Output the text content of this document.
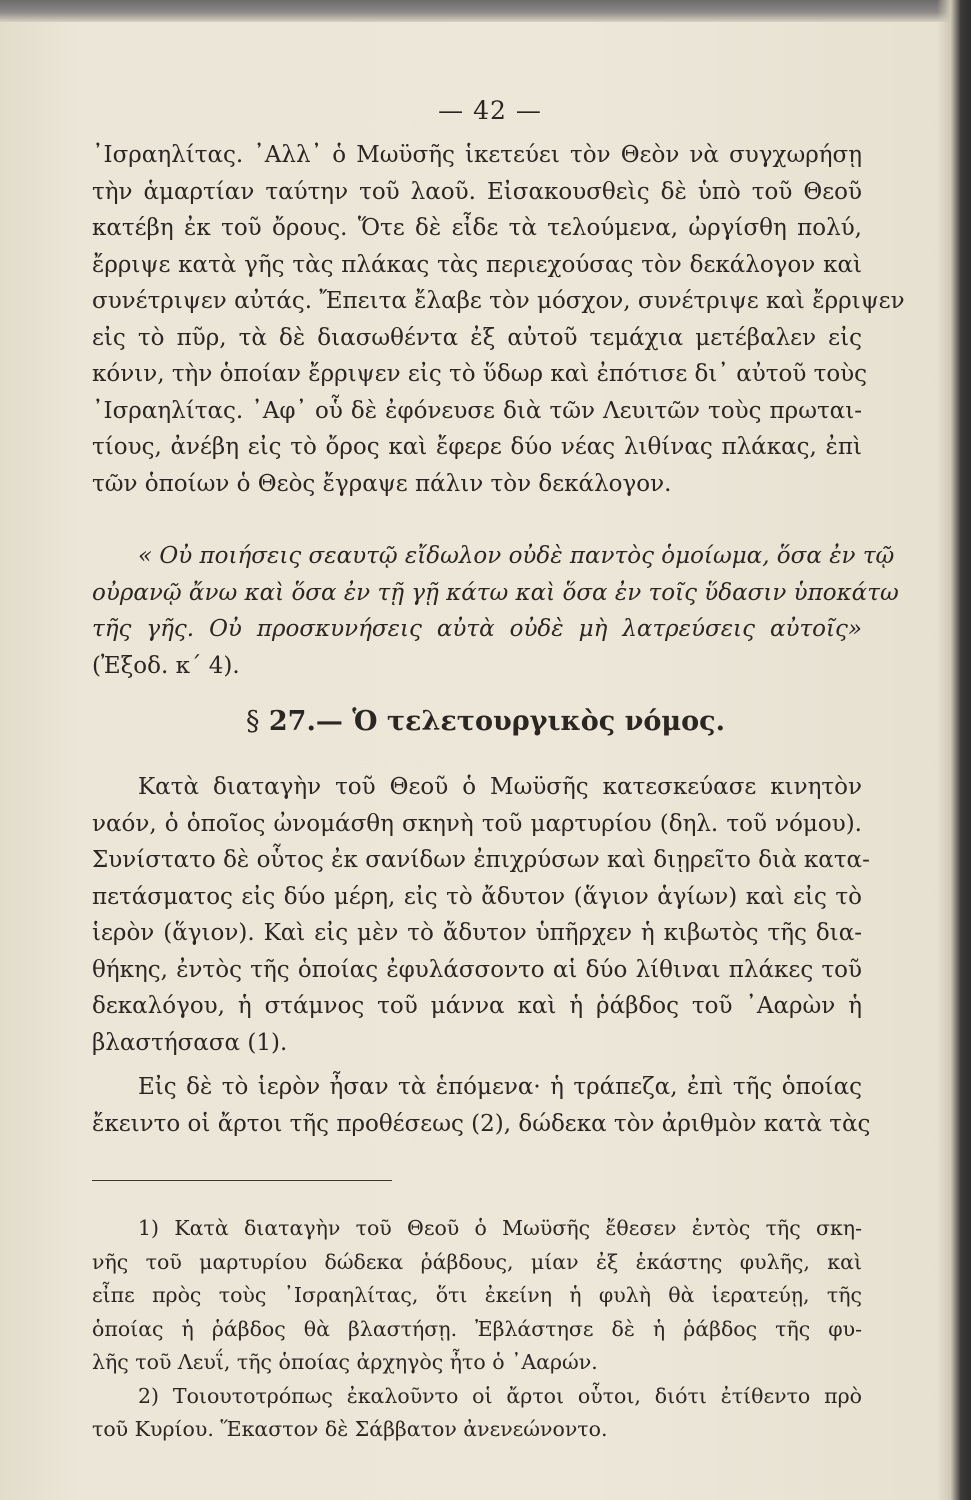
— 42 —
᾿Ισραηλίτας. ᾿Αλλ᾿ ὁ Μωϋσῆς ἱκετεύει τὸν Θεὸν νὰ συγχωρήσῃ
τὴν ἁμαρτίαν ταύτην τοῦ λαοῦ. Εἰσακουσθεὶς δὲ ὑπὸ τοῦ Θεοῦ
κατέβη ἐκ τοῦ ὄρους. Ὅτε δὲ εἶδε τὰ τελούμενα, ὠργίσθη πολύ,
ἔρριψε κατὰ γῆς τὰς πλάκας τὰς περιεχούσας τὸν δεκάλογον καὶ
συνέτριψεν αὐτάς. Ἔπειτα ἔλαβε τὸν μόσχον, συνέτριψε καὶ ἔρριψεν
εἰς τὸ πῦρ, τὰ δὲ διασωθέντα ἐξ αὐτοῦ τεμάχια μετέβαλεν εἰς
κόνιν, τὴν ὁποίαν ἔρριψεν εἰς τὸ ὕδωρ καὶ ἐπότισε δι᾿ αὐτοῦ τοὺς
᾿Ισραηλίτας. ᾿Αφ᾿ οὗ δὲ ἐφόνευσε διὰ τῶν Λευιτῶν τοὺς πρωται-
τίους, ἀνέβη εἰς τὸ ὄρος καὶ ἔφερε δύο νέας λιθίνας πλάκας, ἐπὶ
τῶν ὁποίων ὁ Θεὸς ἔγραψε πάλιν τὸν δεκάλογον.
« Οὐ ποιήσεις σεαυτῷ εἴδωλον οὐδὲ παντὸς ὁμοίωμα, ὅσα ἐν τῷ
οὐρανῷ ἄνω καὶ ὅσα ἐν τῇ γῇ κάτω καὶ ὅσα ἐν τοῖς ὕδασιν ὑποκάτω
τῆς γῆς. Οὐ προσκυνήσεις αὐτὰ οὐδὲ μὴ λατρεύσεις αὐτοῖς»
(Ἐξοδ. κ΄ 4).
§ 27.— Ὁ τελετουργικὸς νόμος.
Κατὰ διαταγὴν τοῦ Θεοῦ ὁ Μωϋσῆς κατεσκεύασε κινητὸν
ναόν, ὁ ὁποῖος ὠνομάσθη σκηνὴ τοῦ μαρτυρίου (δηλ. τοῦ νόμου).
Συνίστατο δὲ οὗτος ἐκ σανίδων ἐπιχρύσων καὶ διῃρεῖτο διὰ κατα-
πετάσματος εἰς δύο μέρη, εἰς τὸ ἄδυτον (ἅγιον ἁγίων) καὶ εἰς τὸ
ἱερὸν (ἅγιον). Καὶ εἰς μὲν τὸ ἄδυτον ὑπῆρχεν ἡ κιβωτὸς τῆς δια-
θήκης, ἐντὸς τῆς ὁποίας ἐφυλάσσοντο αἱ δύο λίθιναι πλάκες τοῦ
δεκαλόγου, ἡ στάμνος τοῦ μάννα καὶ ἡ ῥάβδος τοῦ ᾿Ααρὼν ἡ
βλαστήσασα (1).
Εἰς δὲ τὸ ἱερὸν ἦσαν τὰ ἑπόμενα· ἡ τράπεζα, ἐπὶ τῆς ὁποίας
ἔκειντο οἱ ἄρτοι τῆς προθέσεως (2), δώδεκα τὸν ἀριθμὸν κατὰ τὰς
1) Κατὰ διαταγὴν τοῦ Θεοῦ ὁ Μωϋσῆς ἔθεσεν ἐντὸς τῆς σκη-
νῆς τοῦ μαρτυρίου δώδεκα ῥάβδους, μίαν ἐξ ἑκάστης φυλῆς, καὶ
εἶπε πρὸς τοὺς ᾿Ισραηλίτας, ὅτι ἐκείνη ἡ φυλὴ θὰ ἱερατεύῃ, τῆς
ὁποίας ἡ ῥάβδος θὰ βλαστήσῃ. Ἐβλάστησε δὲ ἡ ῥάβδος τῆς φυ-
λῆς τοῦ Λευΐ, τῆς ὁποίας ἀρχηγὸς ἦτο ὁ ᾿Ααρών.
2) Τοιουτοτρόπως ἐκαλοῦντο οἱ ἄρτοι οὗτοι, διότι ἐτίθεντο πρὸ
τοῦ Κυρίου. Ἕκαστον δὲ Σάββατον ἀνενεώνοντο.
